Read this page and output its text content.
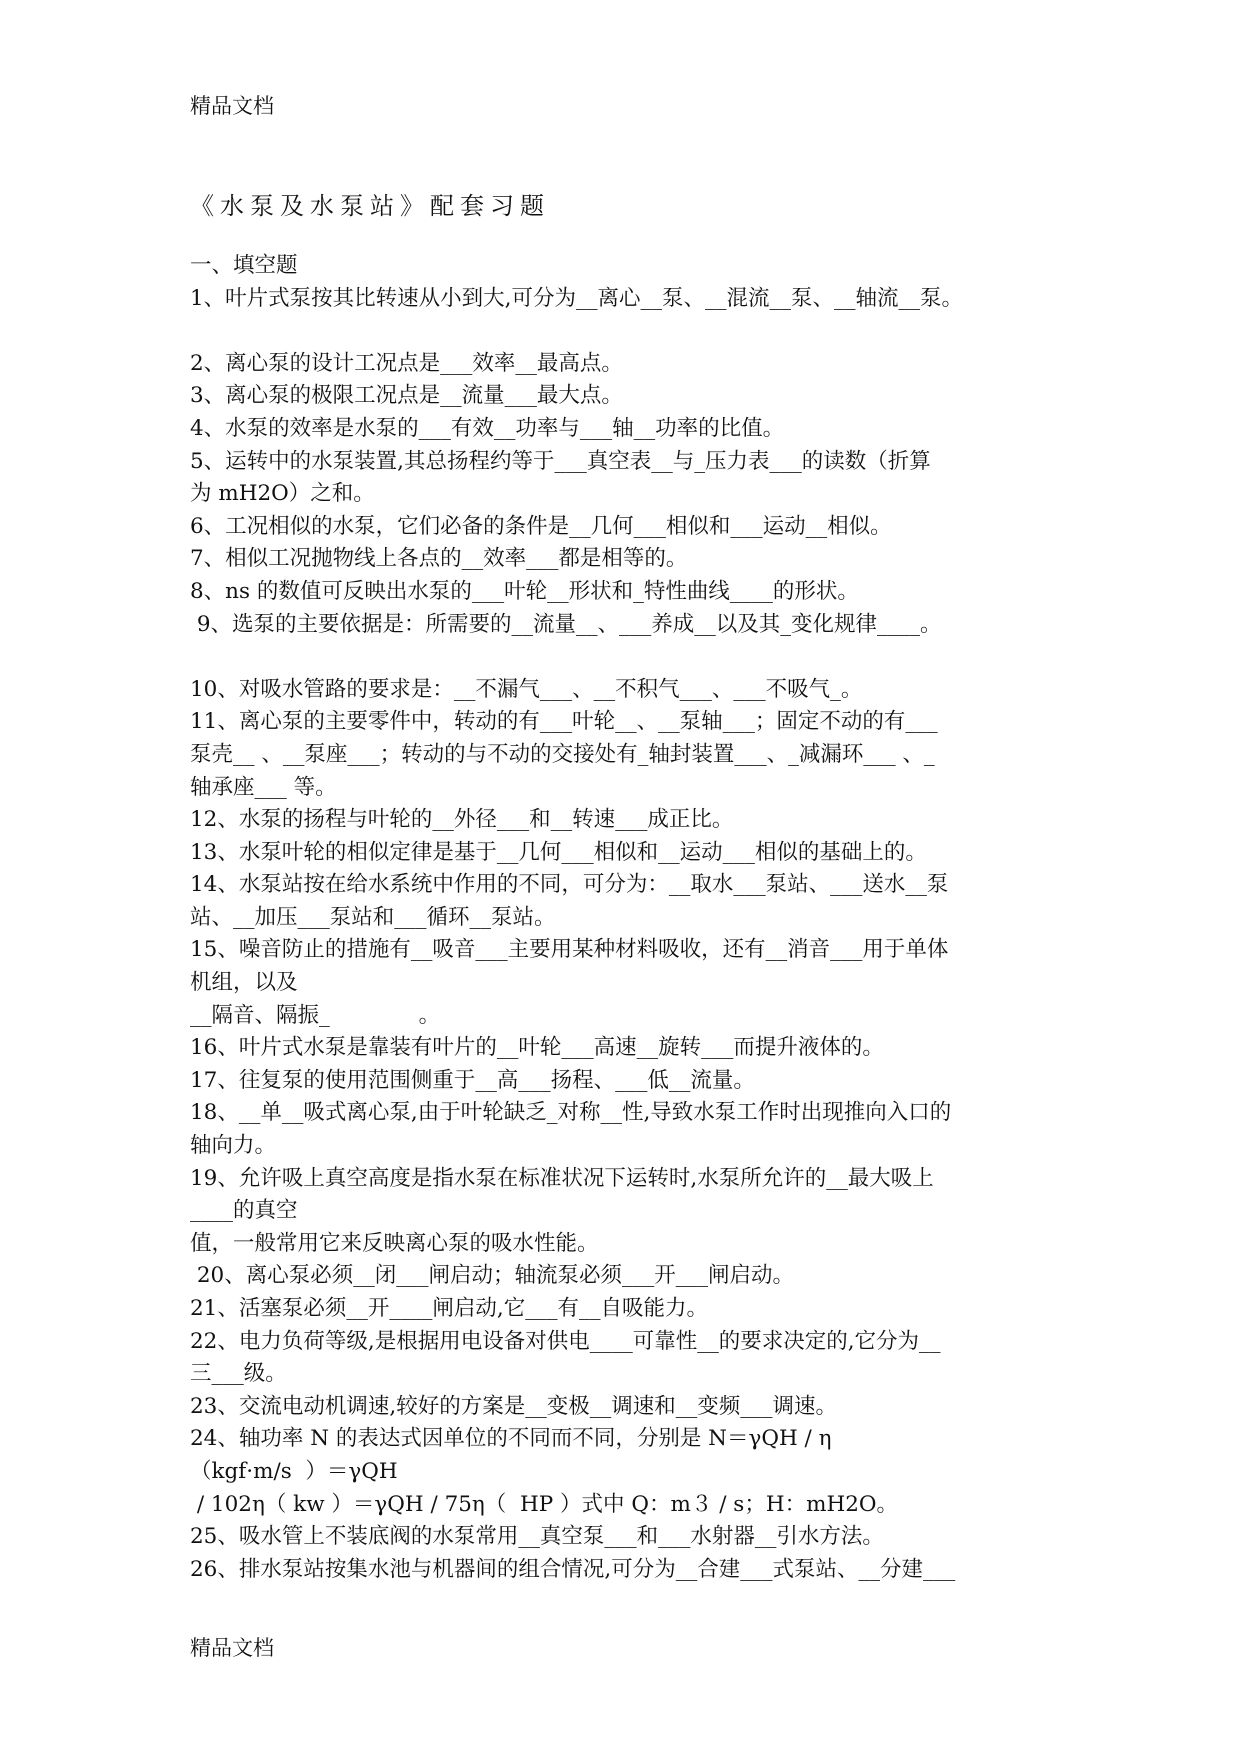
精品文档
《水泵及水泵站》配套习题
一、填空题
1、叶片式泵按其比转速从小到大,可分为__离心__泵、__混流__泵、__轴流__泵。
2、离心泵的设计工况点是___效率__最高点。
3、离心泵的极限工况点是__流量___最大点。
4、水泵的效率是水泵的___有效__功率与___轴__功率的比值。
5、运转中的水泵装置,其总扬程约等于___真空表__与_压力表___的读数（折算
为 mH2O）之和。
6、工况相似的水泵，它们必备的条件是__几何___相似和___运动__相似。
7、相似工况抛物线上各点的__效率___都是相等的。
8、ns 的数值可反映出水泵的___叶轮__形状和_特性曲线____的形状。
9、选泵的主要依据是：所需要的__流量__、___养成__以及其_变化规律____。
10、对吸水管路的要求是：__不漏气___、__不积气___、___不吸气_。
11、离心泵的主要零件中，转动的有___叶轮__、__泵轴___；固定不动的有___
泵壳__ 、__泵座___；转动的与不动的交接处有_轴封装置___、_减漏环___ 、_
轴承座___ 等。
12、水泵的扬程与叶轮的__外径___和__转速___成正比。
13、水泵叶轮的相似定律是基于__几何___相似和__运动___相似的基础上的。
14、水泵站按在给水系统中作用的不同，可分为：__取水___泵站、___送水__泵
站、__加压___泵站和___循环__泵站。
15、噪音防止的措施有__吸音___主要用某种材料吸收，还有__消音___用于单体
机组，以及
__隔音、隔振_             。
16、叶片式水泵是靠装有叶片的__叶轮___高速__旋转___而提升液体的。
17、往复泵的使用范围侧重于__高___扬程、___低__流量。
18、__单__吸式离心泵,由于叶轮缺乏_对称__性,导致水泵工作时出现推向入口的
轴向力。
19、允许吸上真空高度是指水泵在标准状况下运转时,水泵所允许的__最大吸上
____的真空
值，一般常用它来反映离心泵的吸水性能。
20、离心泵必须__闭___闸启动；轴流泵必须___开___闸启动。
21、活塞泵必须__开____闸启动,它___有__自吸能力。
22、电力负荷等级,是根据用电设备对供电____可靠性__的要求决定的,它分为__
三___级。
23、交流电动机调速,较好的方案是__变极__调速和__变频___调速。
24、轴功率 N 的表达式因单位的不同而不同，分别是 N＝γQH / η
（kgf·m/s  ）＝γQH
/ 102η（ kw ）＝γQH / 75η（  HP ）式中 Q：m３ / s；H：mH2O。
25、吸水管上不装底阀的水泵常用__真空泵___和___水射器__引水方法。
26、排水泵站按集水池与机器间的组合情况,可分为__合建___式泵站、__分建___
精品文档
